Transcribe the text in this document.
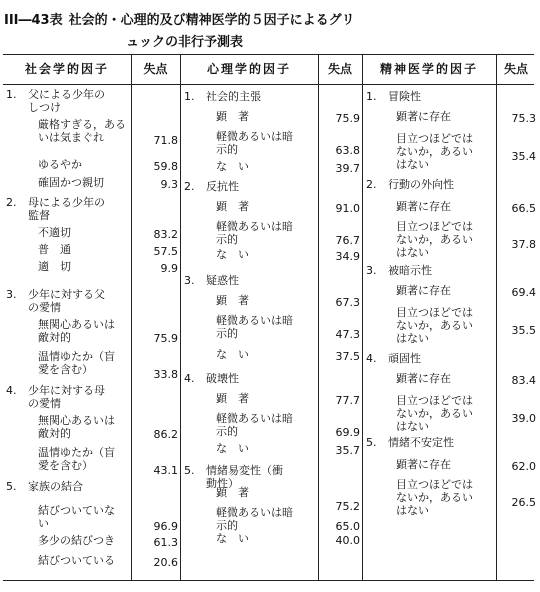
III―43表 社会的・心理的及び精神医学的５因子によるグリ
ュックの非行予測表
社会学的因子	失点	心理学的因子	失点	精神医学的因子	失点
1. 父による少年の
しつけ
厳格すぎる，あるいは気まぐれ	71.8
ゆるやか	59.8
確固かつ親切	9.3
2. 母による少年の
監督
不適切	83.2
普　通	57.5
適　切	9.9
3. 少年に対する父
の愛情
無関心あるいは
敵対的	75.9
温情ゆたか（盲
愛を含む）	33.8
4. 少年に対する母
の愛情
無関心あるいは
敵対的	86.2
温情ゆたか（盲
愛を含む）	43.1
5. 家族の結合
結びついていな
い	96.9
多少の結びつき	61.3
結びついている	20.6
1. 社会的主張
顕　著	75.9
軽微あるいは暗
示的	63.8
な　い	39.7
2. 反抗性
顕　著	91.0
軽微あるいは暗
示的	76.7
な　い	34.9
3. 疑惑性
顕　著	67.3
軽微あるいは暗
示的	47.3
な　い	37.5
4. 破壊性
顕　著	77.7
軽微あるいは暗
示的	69.9
な　い	35.7
5. 情緒易変性（衝
動性）
顕　著
75.2
軽微あるいは暗
示的	65.0
な　い	40.0
1. 冒険性
顕著に存在	75.3
目立つほどでは
ないか，あるい
はない
35.4
2. 行動の外向性
顕著に存在	66.5
目立つほどでは
ないか，あるい
はない
37.8
3. 被暗示性
顕著に存在	69.4
目立つほどでは
ないか，あるい
はない
35.5
4. 頑固性
顕著に存在	83.4
目立つほどでは
ないか，あるい
はない
39.0
5. 情緒不安定性
顕著に存在	62.0
目立つほどでは
ないか，あるい
はない
26.5
